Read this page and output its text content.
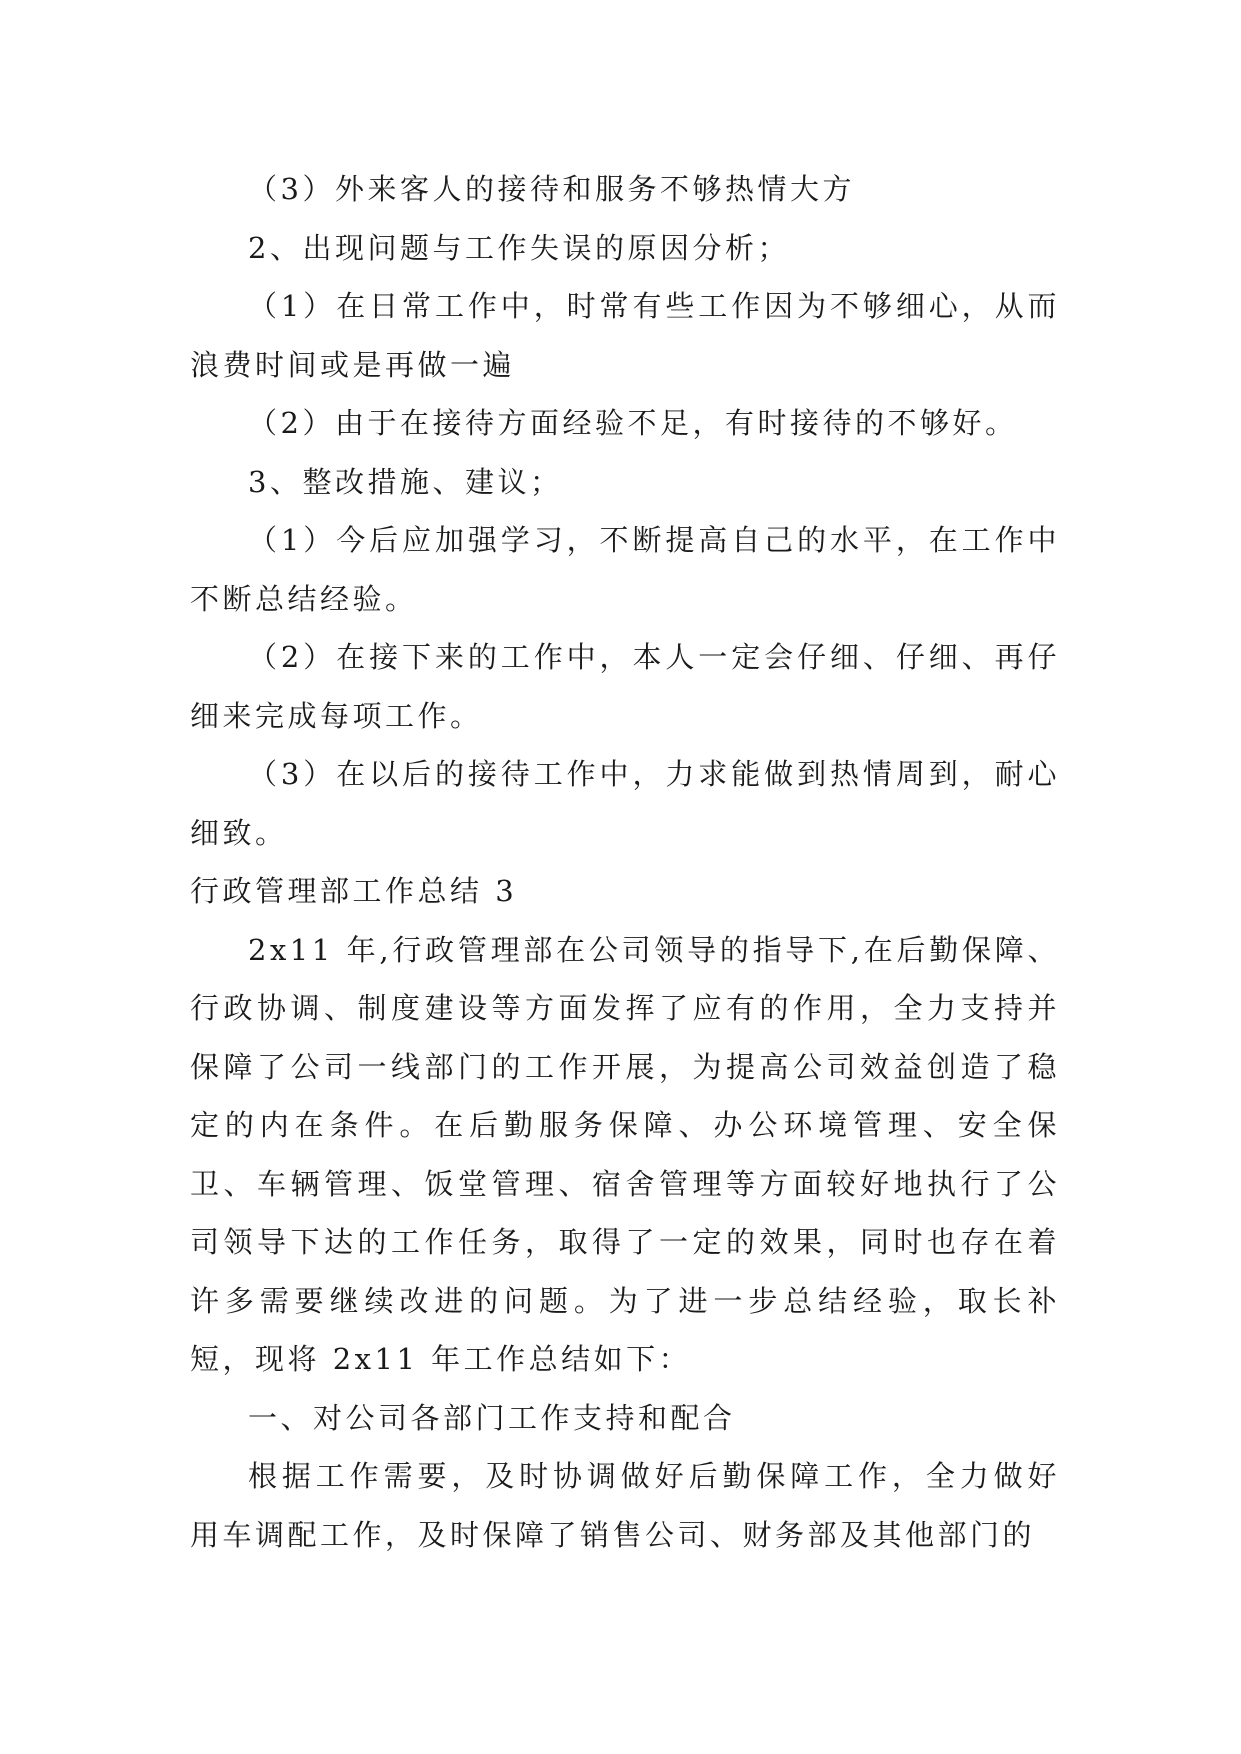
（3）外来客人的接待和服务不够热情大方

2、出现问题与工作失误的原因分析；

（1）在日常工作中，时常有些工作因为不够细心，从而浪费时间或是再做一遍

（2）由于在接待方面经验不足，有时接待的不够好。

3、整改措施、建议；

（1）今后应加强学习，不断提高自己的水平，在工作中不断总结经验。

（2）在接下来的工作中，本人一定会仔细、仔细、再仔细来完成每项工作。

（3）在以后的接待工作中，力求能做到热情周到，耐心细致。

行政管理部工作总结 3

2x11 年,行政管理部在公司领导的指导下,在后勤保障、行政协调、制度建设等方面发挥了应有的作用，全力支持并保障了公司一线部门的工作开展，为提高公司效益创造了稳定的内在条件。在后勤服务保障、办公环境管理、安全保卫、车辆管理、饭堂管理、宿舍管理等方面较好地执行了公司领导下达的工作任务，取得了一定的效果，同时也存在着许多需要继续改进的问题。为了进一步总结经验，取长补短，现将 2x11 年工作总结如下：

一、对公司各部门工作支持和配合

根据工作需要，及时协调做好后勤保障工作，全力做好用车调配工作，及时保障了销售公司、财务部及其他部门的
